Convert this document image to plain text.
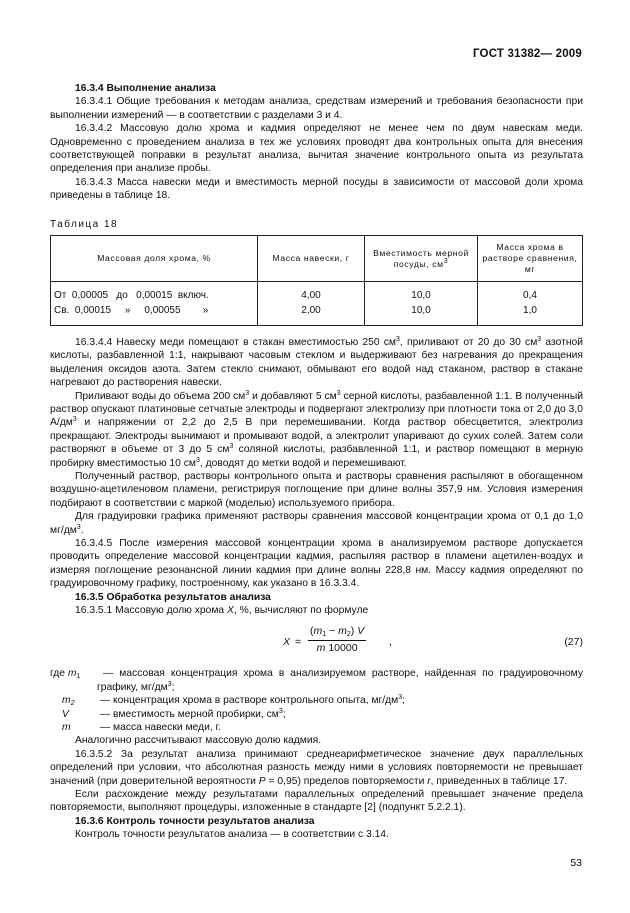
ГОСТ 31382— 2009

16.3.4 Выполнение анализа

16.3.4.1 Общие требования к методам анализа, средствам измерений и требования безопасности при выполнении измерений — в соответствии с разделами 3 и 4.

16.3.4.2 Массовую долю хрома и кадмия определяют не менее чем по двум навескам меди. Одновременно с проведением анализа в тех же условиях проводят два контрольных опыта для внесения соответствующей поправки в результат анализа, вычитая значение контрольного опыта из результата определения при анализе пробы.

16.3.4.3 Масса навески меди и вместимость мерной посуды в зависимости от массовой доли хрома приведены в таблице 18.

Таблица 18

Массовая доля хрома, %	Масса навески, г	Вместимость мерной посуды, $см^3$	Масса хрома в растворе сравнения, мг
От  0,00005   до   0,00015  включ.	4,00	10,0	0,4
Св.  0,00015     »     0,00055        »	2,00	10,0	1,0

16.3.4.4 Навеску меди помещают в стакан вместимостью 250 $см^3$, приливают от 20 до 30 $см^3$ азотной кислоты, разбавленной 1:1, накрывают часовым стеклом и выдерживают без нагревания до прекращения выделения оксидов азота. Затем стекло снимают, обмывают его водой над стаканом, раствор в стакане нагревают до растворения навески.

Приливают воды до объема 200 $см^3$ и добавляют 5 $см^3$ серной кислоты, разбавленной 1:1. В полученный раствор опускают платиновые сетчатые электроды и подвергают электролизу при плотности тока от 2,0 до 3,0 $А/дм^3$ и напряжении от 2,2 до 2,5 В при перемешивании. Когда раствор обесцветится, электролиз прекращают. Электроды вынимают и промывают водой, а электролит упаривают до сухих солей. Затем соли растворяют в объеме от 3 до 5 $см^3$ соляной кислоты, разбавленной 1:1, и раствор помещают в мерную пробирку вместимостью 10 $см^3$, доводят до метки водой и перемешивают.

Полученный раствор, растворы контрольного опыта и растворы сравнения распыляют в обогащенном воздушно-ацетиленовом пламени, регистрируя поглощение при длине волны 357,9 нм. Условия измерения подбирают в соответствии с маркой (моделью) используемого прибора.

Для градуировки графика применяют растворы сравнения массовой концентрации хрома от 0,1 до 1,0 $мг/дм^3$.

16.3.4.5 После измерения массовой концентрации хрома в анализируемом растворе допускается проводить определение массовой концентрации кадмия, распыляя раствор в пламени ацетилен-воздух и измеряя поглощение резонансной линии кадмия при длине волны 228,8 нм. Массу кадмия определяют по градуировочному графику, построенному, как указано в 16.3.3.4.

16.3.5 Обработка результатов анализа

16.3.5.1 Массовую долю хрома X, %, вычисляют по формуле

$X = \frac{(m_1 - m_2) V}{m 10000}$ ,	(27)
где $m_1$	— массовая концентрация хрома в анализируемом растворе, найденная по градуировочному графику, $мг/дм^3$;
$m_2$	— концентрация хрома в растворе контрольного опыта, $мг/дм^3$;
V	— вместимость мерной пробирки, $см^3$;
m	— масса навески меди, г.

Аналогично рассчитывают массовую долю кадмия.

16.3.5.2 За результат анализа принимают среднеарифметическое значение двух параллельных определений при условии, что абсолютная разность между ними в условиях повторяемости не превышает значений (при доверительной вероятности P = 0,95) пределов повторяемости r, приведенных в таблице 17.

Если расхождение между результатами параллельных определений превышает значение предела повторяемости, выполняют процедуры, изложенные в стандарте [2] (подпункт 5.2.2.1).

16.3.6 Контроль точности результатов анализа

Контроль точности результатов анализа — в соответствии с 3.14.

53
